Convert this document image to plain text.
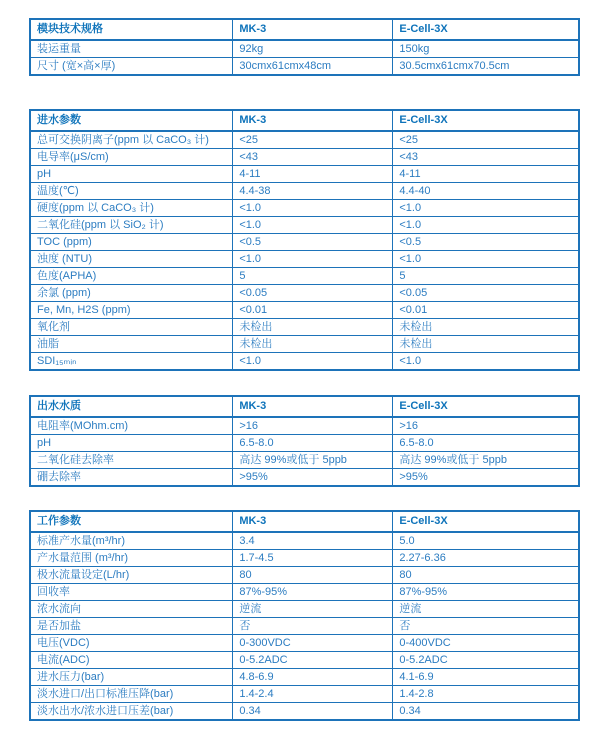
模块技术规格	MK-3	E-Cell-3X
装运重量	92kg	150kg
尺寸 (宽×高×厚)	30cmx61cmx48cm	30.5cmx61cmx70.5cm
进水参数	MK-3	E-Cell-3X
总可交换阴离子(ppm 以 CaCO₃ 计)	<25	<25
电导率(μS/cm)	<43	<43
pH	4-11	4-11
温度(℃)	4.4-38	4.4-40
硬度(ppm 以 CaCO₃ 计)	<1.0	<1.0
二氧化硅(ppm 以 SiO₂ 计)	<1.0	<1.0
TOC (ppm)	<0.5	<0.5
浊度 (NTU)	<1.0	<1.0
色度(APHA)	5	5
余氯 (ppm)	<0.05	<0.05
Fe, Mn, H2S (ppm)	<0.01	<0.01
氧化剂	未检出	未检出
油脂	未检出	未检出
SDI₁₅ₘᵢₙ	<1.0	<1.0
出水水质	MK-3	E-Cell-3X
电阻率(MOhm.cm)	>16	>16
pH	6.5-8.0	6.5-8.0
二氧化硅去除率	高达 99%或低于 5ppb	高达 99%或低于 5ppb
硼去除率	>95%	>95%
工作参数	MK-3	E-Cell-3X
标准产水量(m³/hr)	3.4	5.0
产水量范围 (m³/hr)	1.7-4.5	2.27-6.36
极水流量设定(L/hr)	80	80
回收率	87%-95%	87%-95%
浓水流向	逆流	逆流
是否加盐	否	否
电压(VDC)	0-300VDC	0-400VDC
电流(ADC)	0-5.2ADC	0-5.2ADC
进水压力(bar)	4.8-6.9	4.1-6.9
淡水进口/出口标准压降(bar)	1.4-2.4	1.4-2.8
淡水出水/浓水进口压差(bar)	0.34	0.34
